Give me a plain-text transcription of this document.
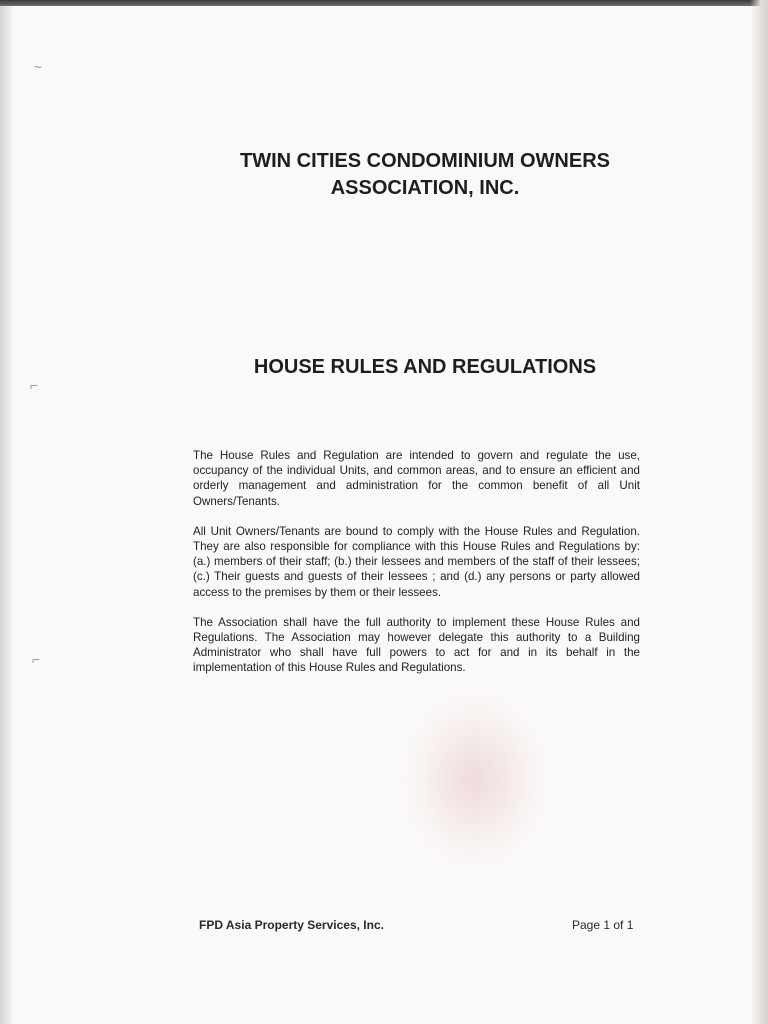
~
⌐
⌐
TWIN CITIES CONDOMINIUM OWNERS
ASSOCIATION, INC.
HOUSE RULES AND REGULATIONS

The House Rules and Regulation are intended to govern and regulate the use, occupancy of the individual Units, and common areas, and to ensure an efficient and orderly management and administration for the common benefit of all Unit Owners/Tenants.

All Unit Owners/Tenants are bound to comply with the House Rules and Regulation. They are also responsible for compliance with this House Rules and Regulations by: (a.) members of their staff; (b.) their lessees and members of the staff of their lessees; (c.) Their guests and guests of their lessees ; and (d.) any persons or party allowed access to the premises by them or their lessees.

The Association shall have the full authority to implement these House Rules and Regulations. The Association may however delegate this authority to a Building Administrator who shall have full powers to act for and in its behalf in the implementation of this House Rules and Regulations.

FPD Asia Property Services, Inc.	Page 1 of 1
